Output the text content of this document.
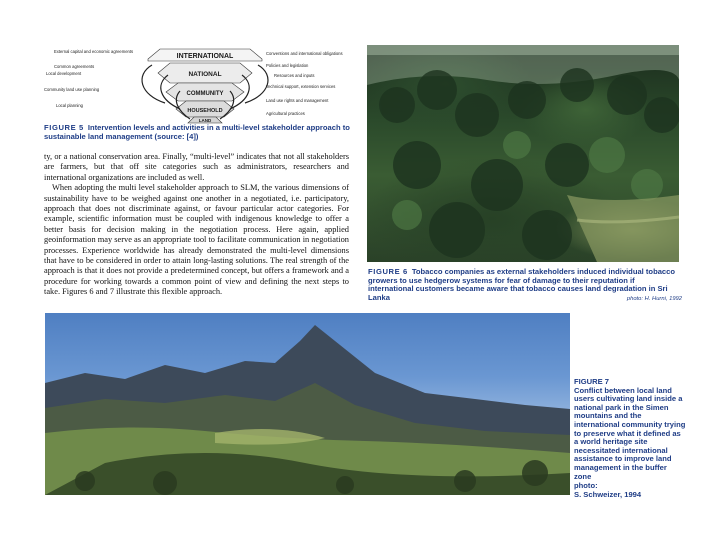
INTERNATIONAL
NATIONAL
COMMUNITY
HOUSEHOLD
LAND
External capital and economic agreements
Common agreements
Local development
Community land use planning
Local planning
Conventions and international obligations
Policies and legislation
Resources and inputs
Technical support, extension services
Land use rights and management
Agricultural practices
FIGURE 5 Intervention levels and activities in a multi-level stakeholder approach to sustainable land management (source: [4])

ty, or a national conservation area. Finally, “multi-level” indicates that not all stakeholders are farmers, but that off site categories such as administrators, researchers and international organizations are included as well.

When adopting the multi level stakeholder approach to SLM, the various dimensions of sustainability have to be weighed against one another in a negotiated, i.e. participatory, approach that does not discriminate against, or favour particular actor categories. For example, scientific information must be coupled with indigenous knowledge to offer a better basis for decision making in the negotiation process. Here again, applied geoinformation may serve as an appropriate tool to facilitate communication in negotiation processes. Experience worldwide has already demonstrated the multi-level dimensions that have to be considered in order to attain long-lasting solutions. The real strength of the approach is that it does not provide a predetermined concept, but offers a framework and a procedure for working towards a common point of view and defining the next steps to take. Figures 6 and 7 illustrate this flexible approach.

FIGURE 6 Tobacco companies as external stakeholders induced individual tobacco growers to use hedgerow systems for fear of damage to their reputation if international customers became aware that tobacco causes land degradation in Sri Lanka	photo: H. Hurni, 1992
FIGURE 7
Conflict between local land users cultivating land inside a national park in the Simen mountains and the international community trying to preserve what it defined as a world heritage site necessitated international assistance to improve land management in the buffer zone
photo:
S. Schweizer, 1994
